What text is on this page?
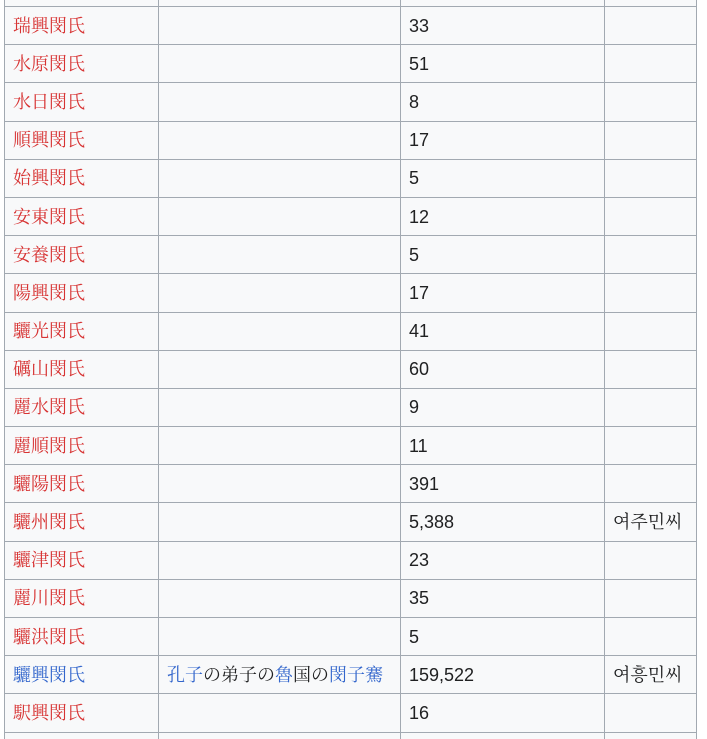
瑞興閔氏		33	
水原閔氏		51	
水日閔氏		8	
順興閔氏		17	
始興閔氏		5	
安東閔氏		12	
安養閔氏		5	
陽興閔氏		17	
驪光閔氏		41	
礪山閔氏		60	
麗水閔氏		9	
麗順閔氏		11	
驪陽閔氏		391	
驪州閔氏		5,388	여주민씨
驪津閔氏		23	
麗川閔氏		35	
驪洪閔氏		5	
驪興閔氏	孔子の弟子の魯国の閔子騫	159,522	여흥민씨
駅興閔氏		16	
